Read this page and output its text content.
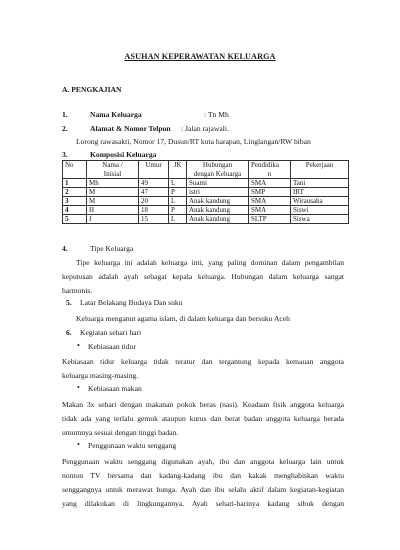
ASUHAN KEPERAWATAN KELUARGA
A. PENGKAJIAN
1.	Nama Keluarga	: Tn Mh
2.	Alamat & Nomor Telpon : Jalan rajawali.
Lorong rawasakti, Nomor 17, Dusun/RT kuta harapan, Linglangan/RW biban
3.	Komposisi Keluarga
No	Nama /	Umur	JK	Hubungan	Pendidika	Pekerjaan
	Inisial			dengan Keluarga	n	
1	Mh	49	L	Suami	SMA	Tani
2	M	47	P	istri	SMP	IRT
3	M	20	L	Anak kandung	SMA	Wirausaha
4	H	18	P	Anak kandung	SMA	Siswi
5	J	15	L	Anak kandung	SLTP	Siswa
4.	Tipe Keluarga
Tipe keluarga ini adalah keluarga inti, yang paling dominan dalam pengambilan
keputusan adalah ayah sebagai kepala keluarga. Hubungan dalam keluarga sangat
harmonis.
5. Latar Belakang Budaya Dan suku
Keluarga menganut agama islam, di dalam keluarga dan bersuku Aceh
6. Kegiatan sehari hari
• Kebiasaan tidur
Kebiasaan tidur keluarga tidak teratur dan tergantung kepada kemauan anggota
keluarga masing-masing.
• Kebiasaan makan
Makan 3x sehari dengan makanan pokok beras (nasi). Keadaan fisik anggota keluarga
tidak ada yang terlalu gemuk ataupun kurus dan berat badan anggota keluarga berada
umumnya sesuai dengan tinggi badan.
• Penggunaan waktu senggang
Penggunaan waktu senggang digunakan ayah, ibu dan anggota keluarga lain untuk
nonton TV bersama dan kadang-kadang ibu dan kakak menghabiskan waktu
senggangnya untuk merawat bunga. Ayah dan ibu selalu aktif dalam kegiatan-kegiatan
yang dilakukan di lingkungannya. Ayah sehari-harinya kadang sibuk dengan
